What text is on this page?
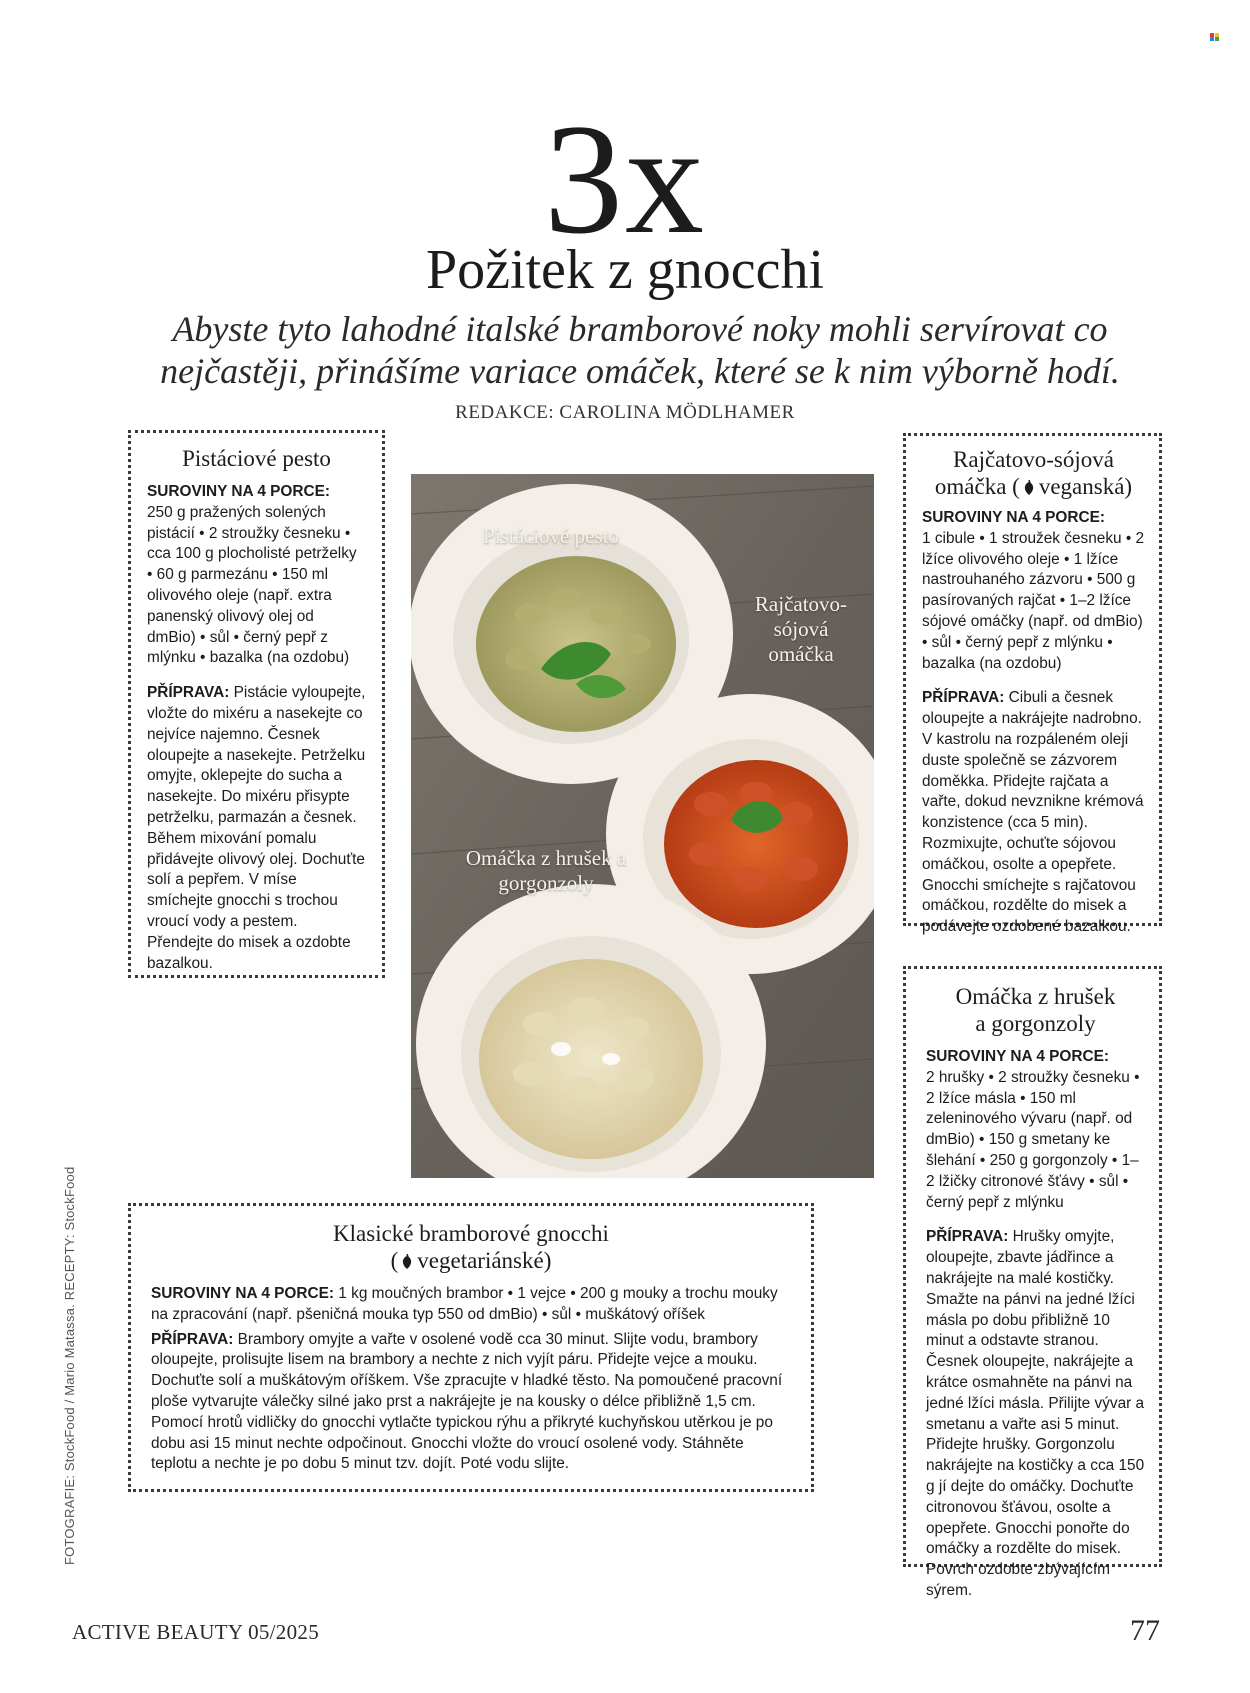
3x
Požitek z gnocchi
Abyste tyto lahodné italské bramborové noky mohli servírovat co nejčastěji, přinášíme variace omáček, které se k nim výborně hodí.
REDAKCE: CAROLINA MÖDLHAMER
Pistáciové pesto

SUROVINY NA 4 PORCE:
250 g pražených solených pistácií • 2 stroužky česneku • cca 100 g plocholisté petrželky • 60 g parmezánu • 150 ml olivového oleje (např. extra panenský olivový olej od dmBio) • sůl • černý pepř z mlýnku • bazalka (na ozdobu)

PŘÍPRAVA: Pistácie vyloupejte, vložte do mixéru a nasekejte co nejvíce najemno. Česnek oloupejte a nasekejte. Petrželku omyjte, oklepejte do sucha a nasekejte. Do mixéru přisypte petrželku, parmazán a česnek. Během mixování pomalu přidávejte olivový olej. Dochuťte solí a pepřem. V míse smíchejte gnocchi s trochou vroucí vody a pestem. Přendejte do misek a ozdobte bazalkou.

Pistáciové pesto
Rajčatovo-sójová omáčka
Omáčka z hrušek a gorgonzoly
Rajčatovo-sójová
omáčka ( veganská)

SUROVINY NA 4 PORCE:
1 cibule • 1 stroužek česneku • 2 lžíce olivového oleje • 1 lžíce nastrouhaného zázvoru • 500 g pasírovaných rajčat • 1–2 lžíce sójové omáčky (např. od dmBio) • sůl • černý pepř z mlýnku • bazalka (na ozdobu)

PŘÍPRAVA: Cibuli a česnek oloupejte a nakrájejte nadrobno. V kastrolu na rozpáleném oleji duste společně se zázvorem doměkka. Přidejte rajčata a vařte, dokud nevznikne krémová konzistence (cca 5 min). Rozmixujte, ochuťte sójovou omáčkou, osolte a opepřete. Gnocchi smíchejte s rajčatovou omáčkou, rozdělte do misek a podávejte ozdobené bazalkou.

Omáčka z hrušek
a gorgonzoly

SUROVINY NA 4 PORCE:
2 hrušky • 2 stroužky česneku • 2 lžíce másla • 150 ml zeleninového vývaru (např. od dmBio) • 150 g smetany ke šlehání • 250 g gorgonzoly • 1–2 lžičky citronové šťávy • sůl • černý pepř z mlýnku

PŘÍPRAVA: Hrušky omyjte, oloupejte, zbavte jádřince a nakrájejte na malé kostičky. Smažte na pánvi na jedné lžíci másla po dobu přibližně 10 minut a odstavte stranou. Česnek oloupejte, nakrájejte a krátce osmahněte na pánvi na jedné lžíci másla. Přilijte vývar a smetanu a vařte asi 5 minut. Přidejte hrušky. Gorgonzolu nakrájejte na kostičky a cca 150 g jí dejte do omáčky. Dochuťte citronovou šťávou, osolte a opepřete. Gnocchi ponořte do omáčky a rozdělte do misek. Povrch ozdobte zbývajícím sýrem.

Klasické bramborové gnocchi
( vegetariánské)

SUROVINY NA 4 PORCE: 1 kg moučných brambor • 1 vejce • 200 g mouky a trochu mouky na zpracování (např. pšeničná mouka typ 550 od dmBio) • sůl • muškátový oříšek

PŘÍPRAVA: Brambory omyjte a vařte v osolené vodě cca 30 minut. Slijte vodu, brambory oloupejte, prolisujte lisem na brambory a nechte z nich vyjít páru. Přidejte vejce a mouku. Dochuťte solí a muškátovým oříškem. Vše zpracujte v hladké těsto. Na pomoučené pracovní ploše vytvarujte válečky silné jako prst a nakrájejte je na kousky o délce přibližně 1,5 cm. Pomocí hrotů vidličky do gnocchi vytlačte typickou rýhu a přikryté kuchyňskou utěrkou je po dobu asi 15 minut nechte odpočinout. Gnocchi vložte do vroucí osolené vody. Stáhněte teplotu a nechte je po dobu 5 minut tzv. dojít. Poté vodu slijte.

FOTOGRAFIE: StockFood / Mario Matassa. RECEPTY: StockFood
ACTIVE BEAUTY 05/2025	77
